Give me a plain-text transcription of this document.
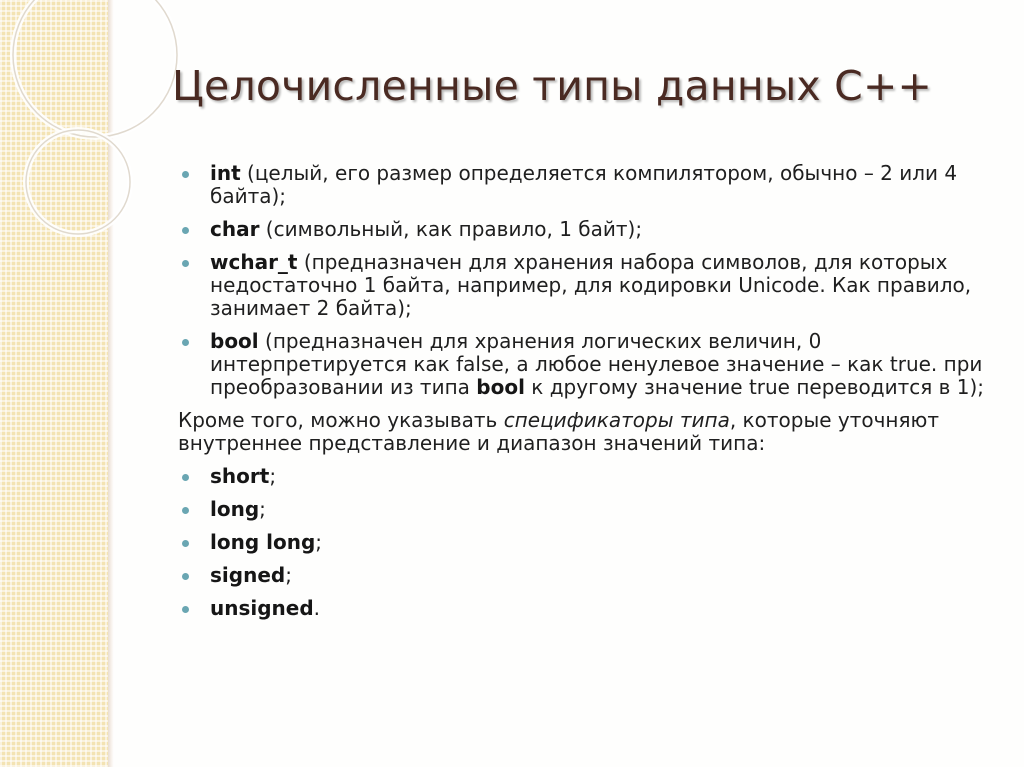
Целочисленные типы данных C++
int (целый, его размер определяется компилятором, обычно – 2 или 4 байта);
char (символьный, как правило, 1 байт);
wchar_t (предназначен для хранения набора символов, для которых недостаточно 1 байта, например, для кодировки Unicode. Как правило, занимает 2 байта);
bool (предназначен для хранения логических величин, 0 интерпретируется как false, а любое ненулевое значение – как true. при преобразовании из типа bool к другому значение true переводится в 1);

Кроме того, можно указывать спецификаторы типа, которые уточняют внутреннее представление и диапазон значений типа:

short;
long;
long long;
signed;
unsigned.
